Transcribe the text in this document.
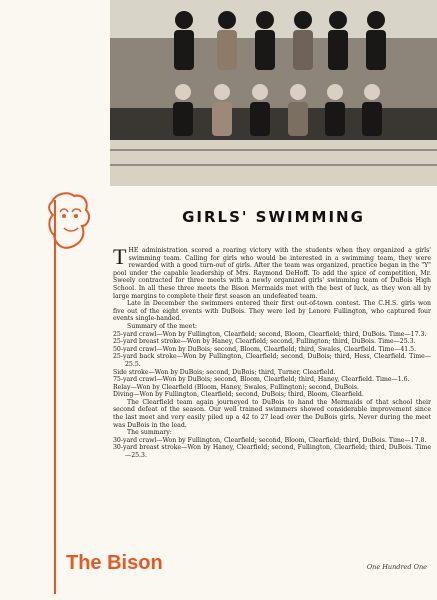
GIRLS' SWIMMING

THE administration scored a roaring victory with the students when they organized a girls' swimming team. Calling for girls who would be interested in a swimming team, they were rewarded with a good turn-out of girls. After the team was organized, practice began in the "Y" pool under the capable leadership of Mrs. Raymond DeHoff. To add the spice of competition, Mr. Sweely contracted for three meets with a newly organized girls' swimming team of DuBois High School. In all these three meets the Bison Mermaids met with the best of luck, as they won all by large margins to complete their first season an undefeated team.

Late in December the swimmers entered their first out-of-town contest. The C.H.S. girls won five out of the eight events with DuBois. They were led by Lenore Fullington, who captured four events single-handed.

Summary of the meet:

25-yard crawl—Won by Fullington, Clearfield; second, Bloom, Clearfield; third, DuBois. Time—17.3.

25-yard breast stroke—Won by Haney, Clearfield; second, Fullington; third, DuBois. Time—25.3.

50-yard crawl—Won by DuBois; second, Bloom, Clearfield; third, Swales, Clearfield. Time—41.5.

25-yard back stroke—Won by Fullington, Clearfield; second, DuBois; third, Hess, Clearfield. Time—25.5.

Side stroke—Won by DuBois; second, DuBois; third, Turner, Clearfield.

75-yard crawl—Won by DuBois; second, Bloom, Clearfield; third, Haney, Clearfield. Time—1.6.

Relay—Won by Clearfield (Bloom, Haney, Swales, Fullington); second, DuBois.

Diving—Won by Fullington, Clearfield; second, DuBois; third, Bloom, Clearfield.

The Clearfield team again journeyed to DuBois to hand the Mermaids of that school their second defeat of the season. Our well trained swimmers showed considerable improvement since the last meet and very easily piled up a 42 to 27 lead over the DuBois girls. Never during the meet was DuBois in the lead.

The summary:

30-yard crawl—Won by Fullington, Clearfield; second, Bloom, Clearfield; third, DuBois. Time—17.8.

30-yard breast stroke—Won by Haney, Clearfield; second, Fullington, Clearfield; third, DuBois. Time—25.3.

The Bison	One Hundred One
